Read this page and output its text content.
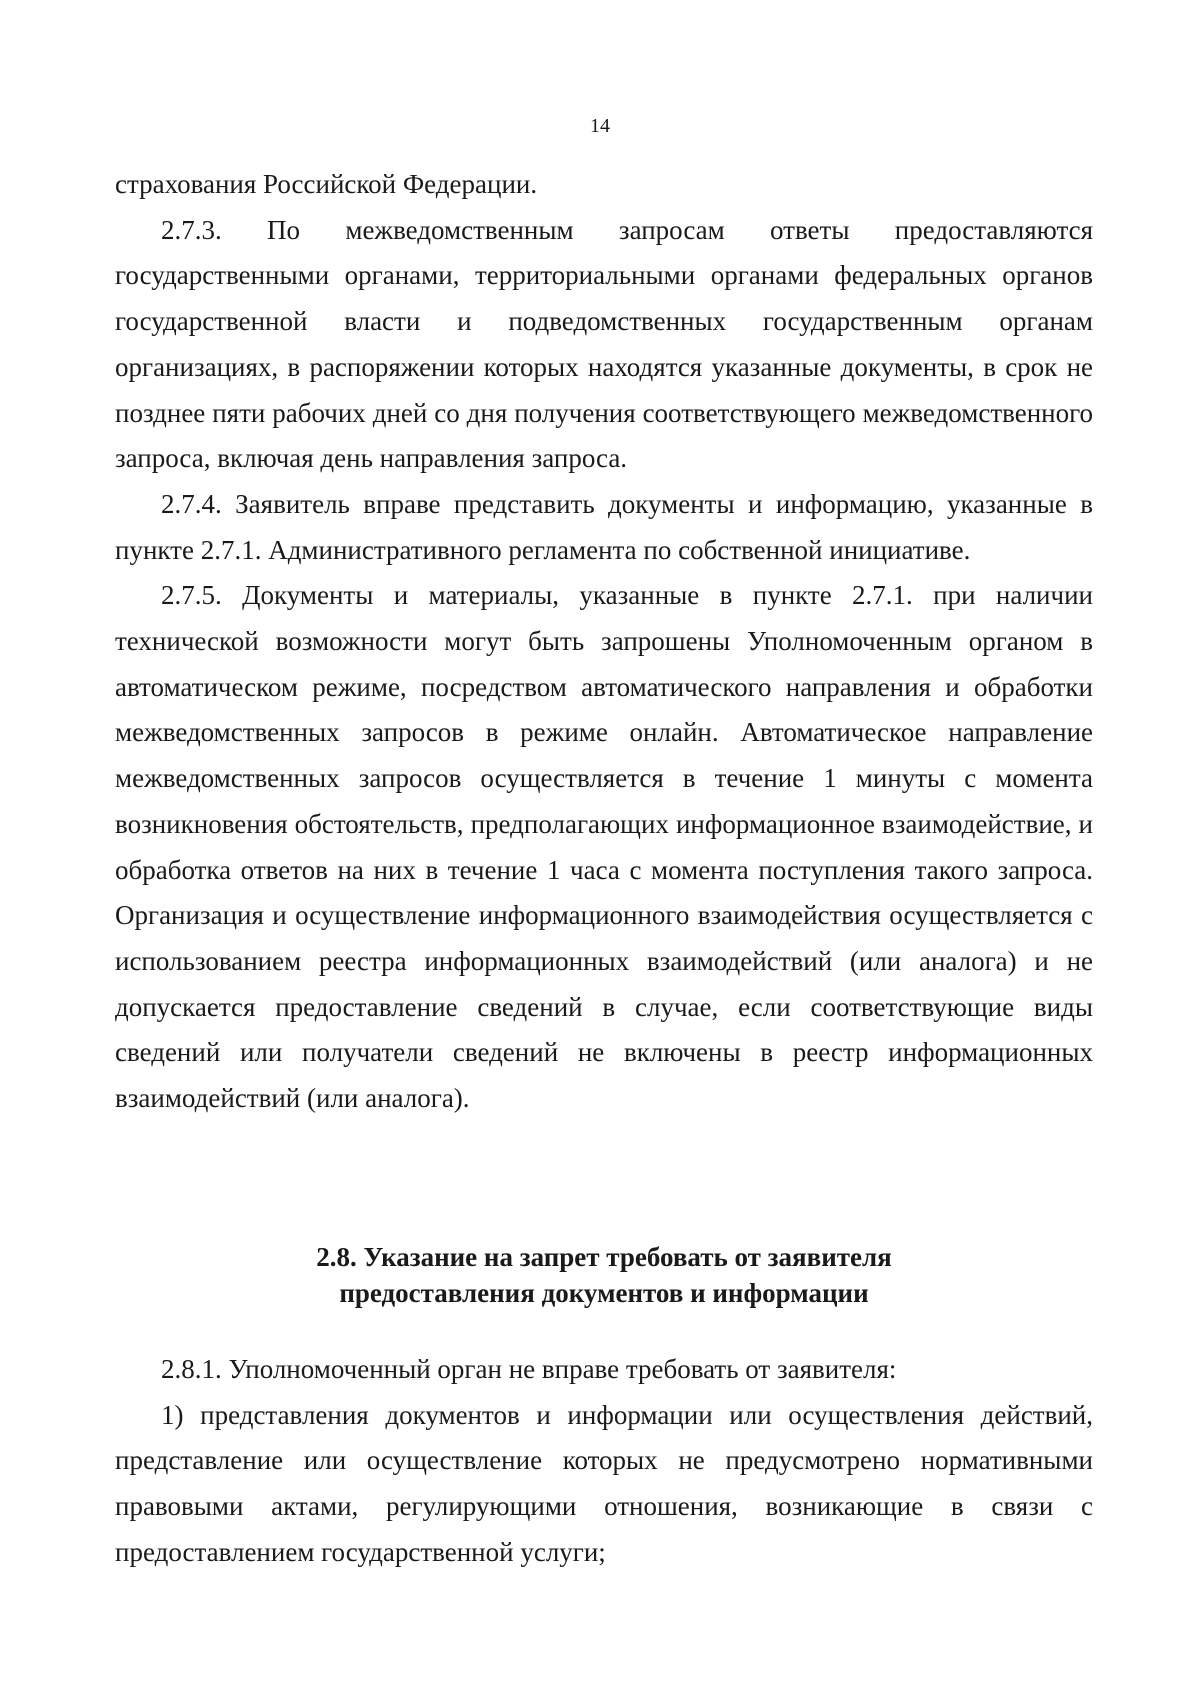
14

страхования Российской Федерации.

2.7.3. По межведомственным запросам ответы предоставляются государственными органами, территориальными органами федеральных органов государственной власти и подведомственных государственным органам организациях, в распоряжении которых находятся указанные документы, в срок не позднее пяти рабочих дней со дня получения соответствующего межведомственного запроса, включая день направления запроса.

2.7.4. Заявитель вправе представить документы и информацию, указанные в пункте 2.7.1. Административного регламента по собственной инициативе.

2.7.5. Документы и материалы, указанные в пункте 2.7.1. при наличии технической возможности могут быть запрошены Уполномоченным органом в автоматическом режиме, посредством автоматического направления и обработки межведомственных запросов в режиме онлайн. Автоматическое направление межведомственных запросов осуществляется в течение 1 минуты с момента возникновения обстоятельств, предполагающих информационное взаимодействие, и обработка ответов на них в течение 1 часа с момента поступления такого запроса. Организация и осуществление информационного взаимодействия осуществляется с использованием реестра информационных взаимодействий (или аналога) и не допускается предоставление сведений в случае, если соответствующие виды сведений или получатели сведений не включены в реестр информационных взаимодействий (или аналога).

2.8. Указание на запрет требовать от заявителя
предоставления документов и информации

2.8.1. Уполномоченный орган не вправе требовать от заявителя:

1) представления документов и информации или осуществления действий, представление или осуществление которых не предусмотрено нормативными правовыми актами, регулирующими отношения, возникающие в связи с предоставлением государственной услуги;
